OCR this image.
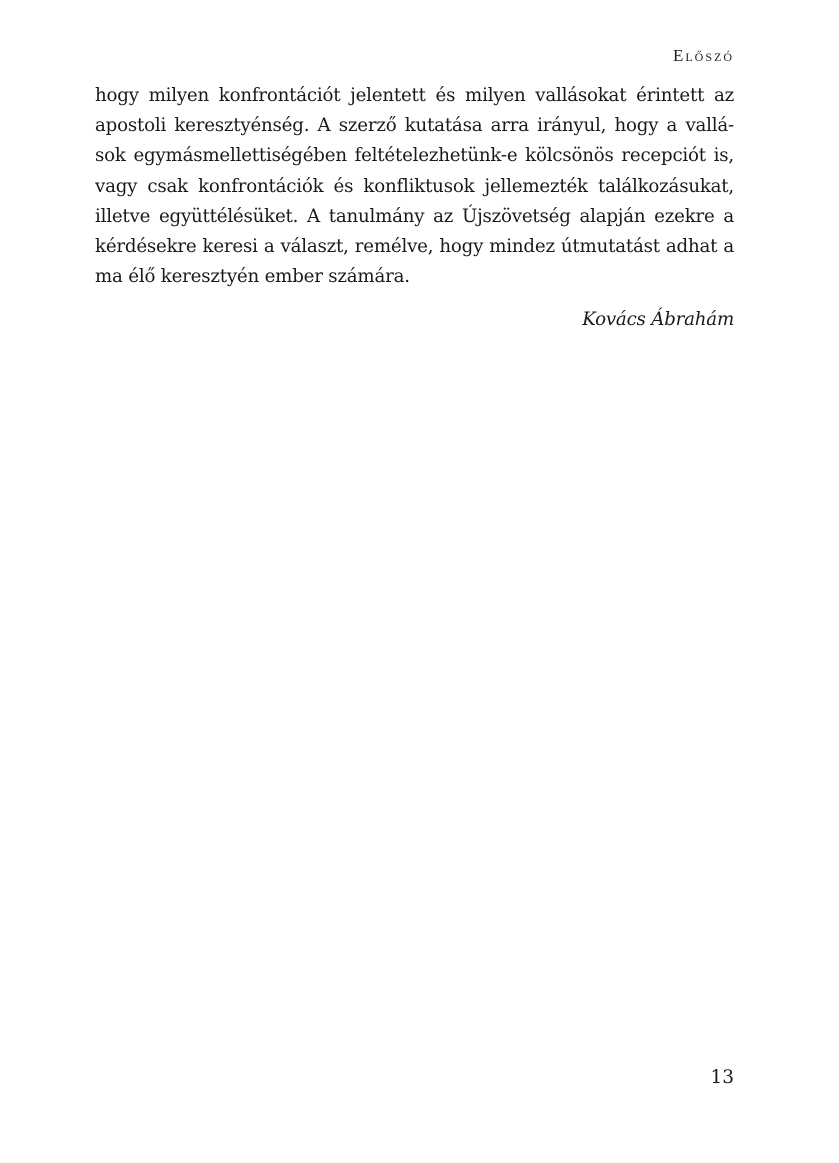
Előszó
hogy milyen konfrontációt jelentett és milyen vallásokat érintett az
apostoli keresztyénség. A szerző kutatása arra irányul, hogy a vallá-
sok egymásmellettiségében feltételezhetünk-e kölcsönös recepciót is,
vagy csak konfrontációk és konfliktusok jellemezték találkozásukat,
illetve együttélésüket. A tanulmány az Újszövetség alapján ezekre a
kérdésekre keresi a választ, remélve, hogy mindez útmutatást adhat a
ma élő keresztyén ember számára.
Kovács Ábrahám
13
